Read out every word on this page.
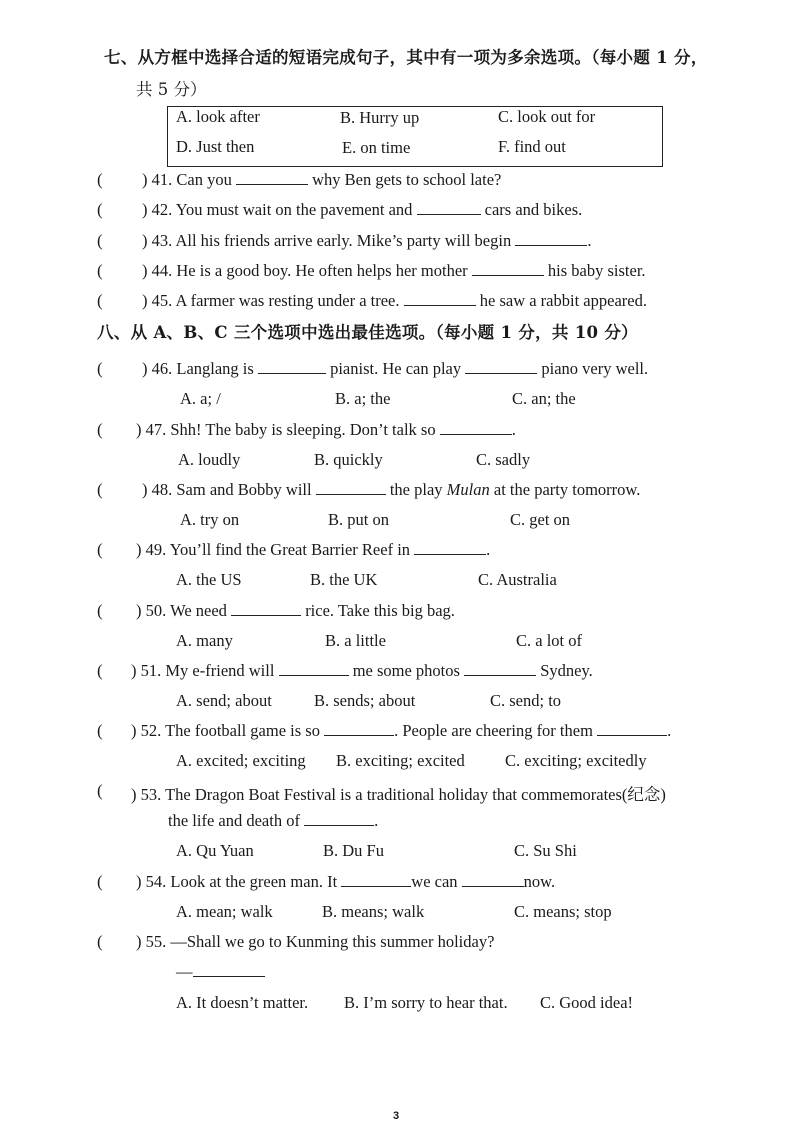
七、从方框中选择合适的短语完成句子，其中有一项为多余选项。（每小题 1 分，
共 5 分）
A. look after	B. Hurry up	C. look out for
D. Just then	E. on time	F. find out
( ) 41. Can you	why Ben gets to school late?
( ) 42. You must wait on the pavement and	cars and bikes.
( ) 43. All his friends arrive early. Mike’s party will begin	.
( ) 44. He is a good boy. He often helps her mother	his baby sister.
( ) 45. A farmer was resting under a tree.	he saw a rabbit appeared.
八、从 A、B、C 三个选项中选出最佳选项。（每小题 1 分，共 10 分）
( ) 46. Langlang is	pianist. He can play	piano very well.
A. a; /	B. a; the	C. an; the
( ) 47. Shh! The baby is sleeping. Don’t talk so	.
A. loudly	B. quickly	C. sadly
( ) 48. Sam and Bobby will	the play Mulan at the party tomorrow.
A. try on	B. put on	C. get on
( ) 49. You’ll find the Great Barrier Reef in	.
A. the US	B. the UK	C. Australia
( ) 50. We need	rice. Take this big bag.
A. many	B. a little	C. a lot of
( ) 51. My e-friend will	me some photos	Sydney.
A. send; about	B. sends; about	C. send; to
( ) 52. The football game is so	. People are cheering for them	.
A. excited; exciting B. exciting; excited C. exciting; excitedly
( ) 53. The Dragon Boat Festival is a traditional holiday that commemorates(纪念)
the life and death of	.
A. Qu Yuan	B. Du Fu	C. Su Shi
( ) 54. Look at the green man. It	we can	now.
A. mean; walk	B. means; walk	C. means; stop
( ) 55. —Shall we go to Kunming this summer holiday?
—
A. It doesn’t matter. B. I’m sorry to hear that. C. Good idea!
3
